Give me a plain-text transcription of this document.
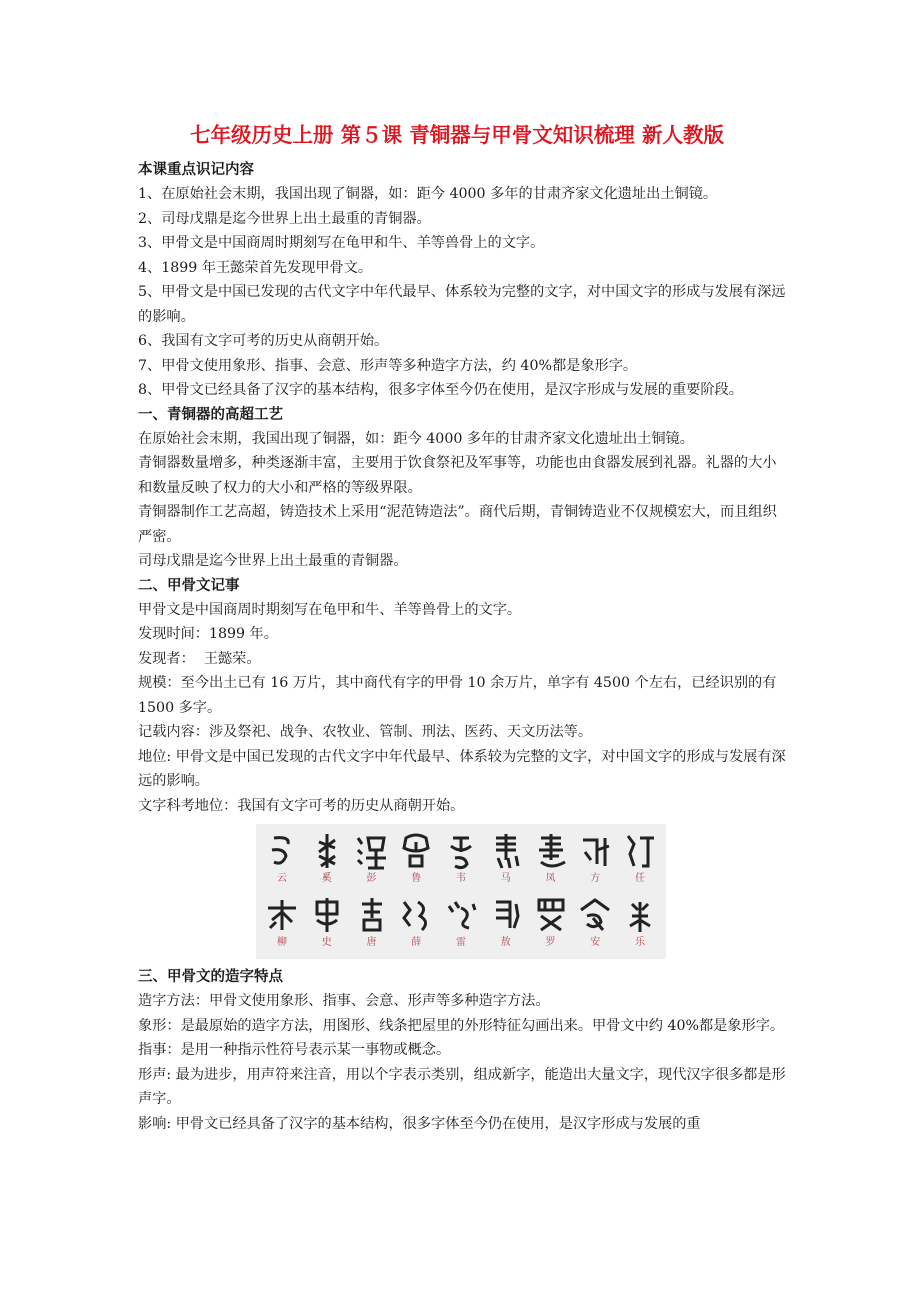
七年级历史上册 第５课 青铜器与甲骨文知识梳理 新人教版
本课重点识记内容
1、在原始社会末期，我国出现了铜器，如：距今 4000 多年的甘肃齐家文化遗址出土铜镜。
2、司母戊鼎是迄今世界上出土最重的青铜器。
3、甲骨文是中国商周时期刻写在龟甲和牛、羊等兽骨上的文字。
4、1899 年王懿荣首先发现甲骨文。
5、甲骨文是中国已发现的古代文字中年代最早、体系较为完整的文字，对中国文字的形成与发展有深远的影响。
6、我国有文字可考的历史从商朝开始。
7、甲骨文使用象形、指事、会意、形声等多种造字方法，约 40%都是象形字。
8、甲骨文已经具备了汉字的基本结构，很多字体至今仍在使用，是汉字形成与发展的重要阶段。
一、青铜器的高超工艺
在原始社会末期，我国出现了铜器，如：距今 4000 多年的甘肃齐家文化遗址出土铜镜。
青铜器数量增多，种类逐渐丰富，主要用于饮食祭祀及军事等，功能也由食器发展到礼器。礼器的大小和数量反映了权力的大小和严格的等级界限。
青铜器制作工艺高超，铸造技术上采用“泥范铸造法”。商代后期，青铜铸造业不仅规模宏大，而且组织严密。
司母戊鼎是迄今世界上出土最重的青铜器。
二、甲骨文记事
甲骨文是中国商周时期刻写在龟甲和牛、羊等兽骨上的文字。
发现时间：1899 年。
发现者：  王懿荣。
规模：至今出土已有 16 万片，其中商代有字的甲骨 10 余万片，单字有 4500 个左右，已经识别的有 1500 多字。
记载内容：涉及祭祀、战争、农牧业、管制、刑法、医药、天文历法等。
地位: 甲骨文是中国已发现的古代文字中年代最早、体系较为完整的文字，对中国文字的形成与发展有深远的影响。
文字科考地位：我国有文字可考的历史从商朝开始。
云	奚	彭	鲁	韦	马	凤	方	任
柳	史	唐	薛	雷	敖	罗	安	乐
三、甲骨文的造字特点
造字方法：甲骨文使用象形、指事、会意、形声等多种造字方法。
象形：是最原始的造字方法，用图形、线条把屋里的外形特征勾画出来。甲骨文中约 40%都是象形字。
指事：是用一种指示性符号表示某一事物或概念。
形声: 最为进步，用声符来注音，用以个字表示类别，组成新字，能造出大量文字，现代汉字很多都是形声字。
影响: 甲骨文已经具备了汉字的基本结构，很多字体至今仍在使用，是汉字形成与发展的重
